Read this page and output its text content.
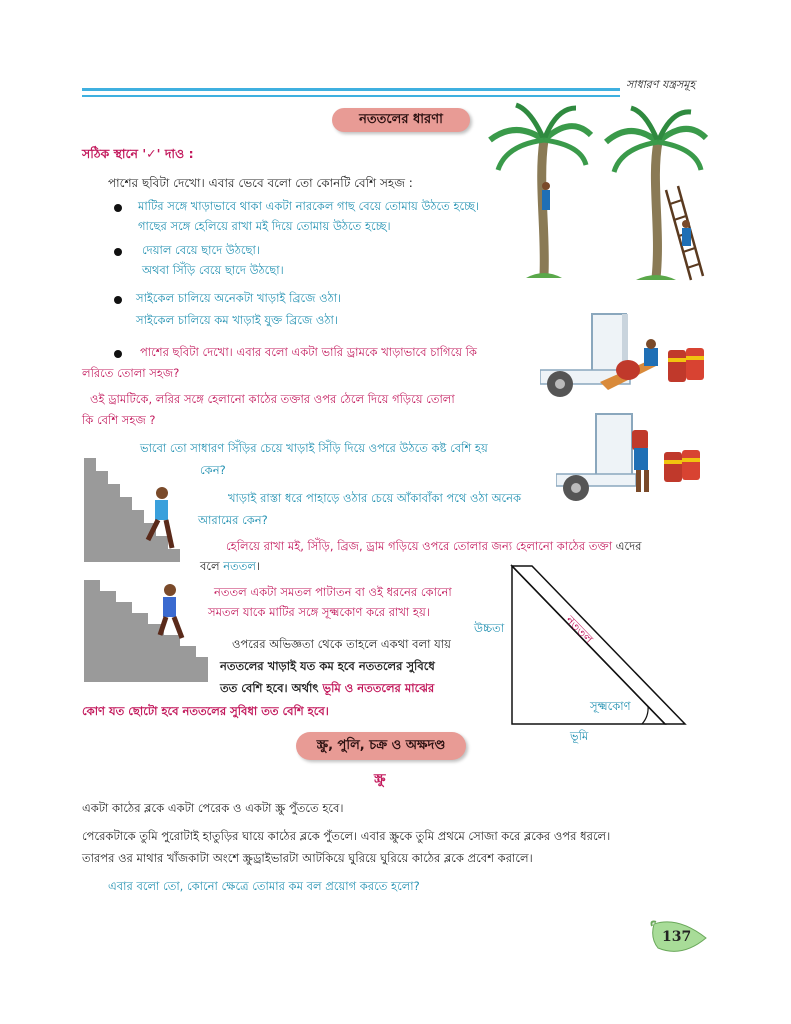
সাধারণ যন্ত্রসমূহ
নততলের ধারণা
সঠিক স্থানে '✓' দাও :
পাশের ছবিটা দেখো। এবার ভেবে বলো তো কোনটি বেশি সহজ :
মাটির সঙ্গে খাড়াভাবে থাকা একটা নারকেল গাছ বেয়ে তোমায় উঠতে হচ্ছে।
গাছের সঙ্গে হেলিয়ে রাখা মই দিয়ে তোমায় উঠতে হচ্ছে।
দেয়াল বেয়ে ছাদে উঠছো।
অথবা সিঁড়ি বেয়ে ছাদে উঠছো।
সাইকেল চালিয়ে অনেকটা খাড়াই ব্রিজে ওঠা।
সাইকেল চালিয়ে কম খাড়াই যুক্ত ব্রিজে ওঠা।
পাশের ছবিটা দেখো। এবার বলো একটা ভারি ড্রামকে খাড়াভাবে চাগিয়ে কি
লরিতে তোলা সহজ?
ওই ড্রামটিকে, লরির সঙ্গে হেলানো কাঠের তক্তার ওপর ঠেলে দিয়ে গড়িয়ে তোলা
কি বেশি সহজ ?
ভাবো তো সাধারণ সিঁড়ির চেয়ে খাড়াই সিঁড়ি দিয়ে ওপরে উঠতে কষ্ট বেশি হয়
কেন?
খাড়াই রাস্তা ধরে পাহাড়ে ওঠার চেয়ে আঁকাবাঁকা পথে ওঠা অনেক
আরামের কেন?
হেলিয়ে রাখা মই, সিঁড়ি, ব্রিজ, ড্রাম গড়িয়ে ওপরে তোলার জন্য হেলানো কাঠের তক্তা এদের
বলে নততল।
নততল একটা সমতল পাটাতন বা ওই ধরনের কোনো
সমতল যাকে মাটির সঙ্গে সূক্ষ্মকোণ করে রাখা হয়।
ওপরের অভিজ্ঞতা থেকে তাহলে একথা বলা যায়
নততলের খাড়াই যত কম হবে নততলের সুবিধে
তত বেশি হবে। অর্থাৎ ভূমি ও নততলের মাঝের
কোণ যত ছোটো হবে নততলের সুবিধা তত বেশি হবে।
উচ্চতা	নততল
সূক্ষ্মকোণ
ভূমি
স্ক্রু, পুলি, চক্র ও অক্ষদণ্ড
স্ক্রু
একটা কাঠের ব্লকে একটা পেরেক ও একটা স্ক্রু পুঁততে হবে।
পেরেকটাকে তুমি পুরোটাই হাতুড়ির ঘায়ে কাঠের ব্লকে পুঁতলে। এবার স্ক্রুকে তুমি প্রথমে সোজা করে ব্লকের ওপর ধরলে।
তারপর ওর মাথার খাঁজকাটা অংশে স্ক্রুড্রাইভারটা আটকিয়ে ঘুরিয়ে ঘুরিয়ে কাঠের ব্লকে প্রবেশ করালে।
এবার বলো তো, কোনো ক্ষেত্রে তোমার কম বল প্রয়োগ করতে হলো?
137
